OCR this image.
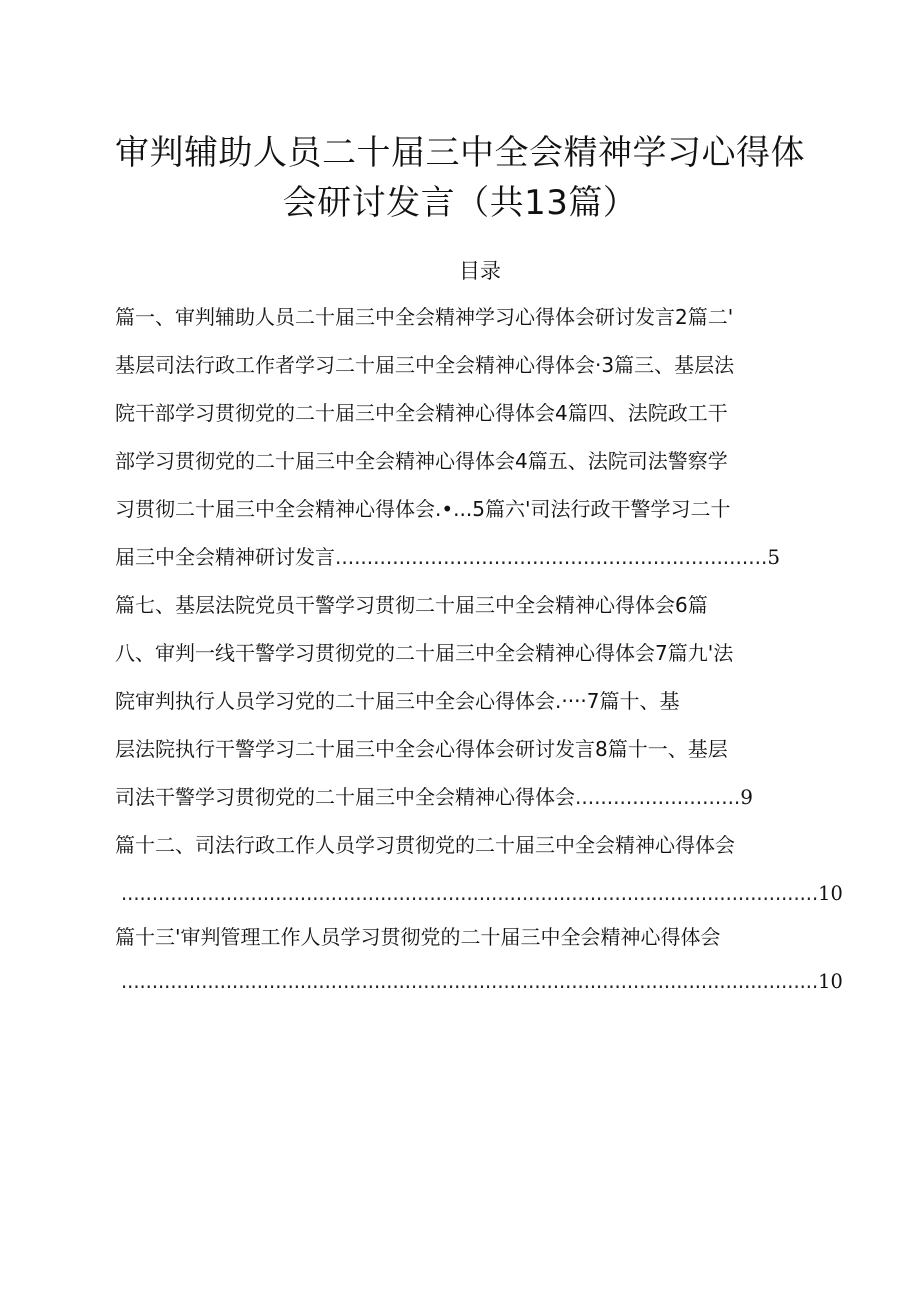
审判辅助人员二十届三中全会精神学习心得体
会研讨发言（共13篇）
目录
篇一、审判辅助人员二十届三中全会精神学习心得体会研讨发言2篇二'
基层司法行政工作者学习二十届三中全会精神心得体会·3篇三、基层法
院干部学习贯彻党的二十届三中全会精神心得体会4篇四、法院政工干
部学习贯彻党的二十届三中全会精神心得体会4篇五、法院司法警察学
习贯彻二十届三中全会精神心得体会.•...5篇六'司法行政干警学习二十
届三中全会精神研讨发言....................................................................5
篇七、基层法院党员干警学习贯彻二十届三中全会精神心得体会6篇
八、审判一线干警学习贯彻党的二十届三中全会精神心得体会7篇九'法
院审判执行人员学习党的二十届三中全会心得体会.····7篇十、基
层法院执行干警学习二十届三中全会心得体会研讨发言8篇十一、基层
司法干警学习贯彻党的二十届三中全会精神心得体会..........................9
篇十二、司法行政工作人员学习贯彻党的二十届三中全会精神心得体会
.................................................................................................................10
篇十三'审判管理工作人员学习贯彻党的二十届三中全会精神心得体会
.................................................................................................................10
